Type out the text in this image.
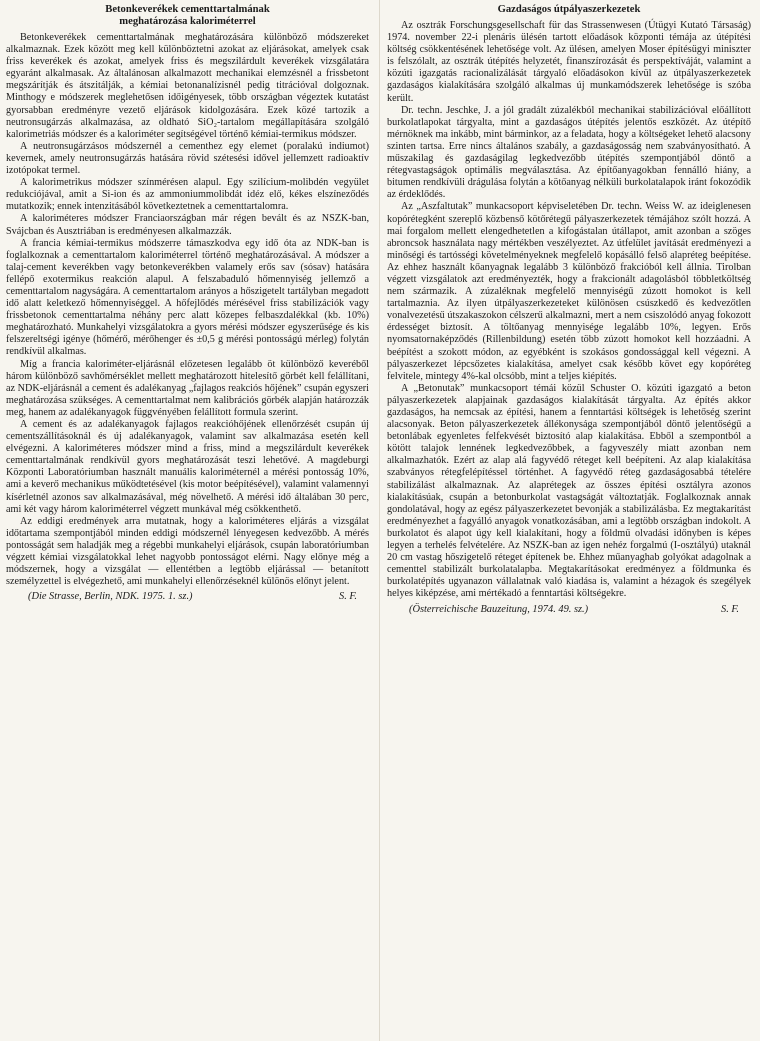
Betonkeverékek cementtartalmának
meghatározása kaloriméterrel

Betonkeverékek cementtartalmának meghatározására különböző módszereket alkalmaznak. Ezek között meg kell különböztetni azokat az eljárásokat, amelyek csak friss keverékek és azokat, amelyek friss és megszilárdult keverékek vizsgálatára egyaránt alkalmasak. Az általánosan alkalmazott mechanikai elemzésnél a frissbetont megszárítják és átszitálják, a kémiai betonanalízisnél pedig titrációval dolgoznak. Minthogy e módszerek meglehetősen időigényesek, több országban végeztek kutatást gyorsabban eredményre vezető eljárások kidolgozására. Ezek közé tartozik a neutronsugárzás alkalmazása, az oldható SiO₂-tartalom megállapítására szolgáló kalorimetriás módszer és a kaloriméter segítségével történő kémiai-termikus módszer.

A neutronsugárzásos módszernél a cementhez egy elemet (poralakú indiumot) kevernek, amely neutronsugárzás hatására rövid szétesési idővel jellemzett radioaktív izotópokat termel.

A kalorimetrikus módszer színmérésen alapul. Egy szilícium-molibdén vegyület redukciójával, amit a Si-ion és az ammoniummolibdát idéz elő, kékes elszíneződés mutatkozik; ennek intenzitásából következtetnek a cementtartalomra.

A kaloriméteres módszer Franciaországban már régen bevált és az NSZK-ban, Svájcban és Ausztriában is eredményesen alkalmazzák.

A francia kémiai-termikus módszerre támaszkodva egy idő óta az NDK-ban is foglalkoznak a cementtartalom kaloriméterrel történő meghatározásával. A módszer a talaj-cement keverékben vagy betonkeverékben valamely erős sav (sósav) hatására fellépő exotermikus reakción alapul. A felszabaduló hőmennyiség jellemző a cementtartalom nagyságára. A cementtartalom arányos a hőszigetelt tartályban megadott idő alatt keletkező hőmennyiséggel. A hőfejlődés mérésével friss stabilizációk vagy frissbetonok cementtartalma néhány perc alatt közepes felbaszdalékkal (kb. 10%) meghatározható. Munkahelyi vizsgálatokra a gyors mérési módszer egyszerűsége és kis felszereltségi igénye (hőmérő, mérőhenger és ±0,5 g mérési pontosságú mérleg) folytán rendkívül alkalmas.

Míg a francia kaloriméter-eljárásnál előzetesen legalább öt különböző keveréből három különböző savhőmérséklet mellett meghatározott hitelesítő görbét kell felállítani, az NDK-eljárásnál a cement és adalékanyag „fajlagos reakciós hőjének” csupán egyszeri meghatározása szükséges. A cementtartalmat nem kalibrációs görbék alapján határozzák meg, hanem az adalékanyagok függvényében felállított formula szerint.

A cement és az adalékanyagok fajlagos reakcióhőjének ellenőrzését csupán új cementszállításoknál és új adalékanyagok, valamint sav alkalmazása esetén kell elvégezni. A kaloriméteres módszer mind a friss, mind a megszilárdult keverékek cementtartalmának rendkívül gyors meghatározását teszi lehetővé. A magdeburgi Központi Laboratóriumban használt manuális kaloriméternél a mérési pontosság 10%, ami a keverő mechanikus működtetésével (kis motor beépítésével), valamint valamennyi kísérletnél azonos sav alkalmazásával, még növelhető. A mérési idő általában 30 perc, ami két vagy három kaloriméterrel végzett munkával még csökkenthető.

Az eddigi eredmények arra mutatnak, hogy a kaloriméteres eljárás a vizsgálat időtartama szempontjából minden eddigi módszernél lényegesen kedvezőbb. A mérés pontosságát sem haladják meg a régebbi munkahelyi eljárások, csupán laboratóriumban végzett kémiai vizsgálatokkal lehet nagyobb pontosságot elérni. Nagy előnye még a módszernek, hogy a vizsgálat — ellentétben a legtöbb eljárással — betanított személyzettel is elvégezhető, ami munkahelyi ellenőrzéseknél különös előnyt jelent.

(Die Strasse, Berlin, NDK. 1975. 1. sz.)	S. F.
Gazdaságos útpályaszerkezetek

Az osztrák Forschungsgesellschaft für das Strassenwesen (Útügyi Kutató Társaság) 1974. november 22-i plenáris ülésén tartott előadások központi témája az útépítési költség csökkentésének lehetősége volt. Az ülésen, amelyen Moser építésügyi miniszter is felszólalt, az osztrák útépítés helyzetét, finanszírozását és perspektíváját, valamint a közúti igazgatás racionalizálását tárgyaló előadásokon kívül az útpályaszerkezetek gazdaságos kialakítására szolgáló alkalmas új munkamódszerek lehetősége is szóba került.

Dr. techn. Jeschke, J. a jól gradált zúzalékból mechanikai stabilizációval előállított burkolatlapokat tárgyalta, mint a gazdaságos útépítés jelentős eszközét. Az útépítő mérnöknek ma inkább, mint bárminkor, az a feladata, hogy a költségeket lehető alacsony szinten tartsa. Erre nincs általános szabály, a gazdaságosság nem szabványosítható. A műszakilag és gazdaságilag legkedvezőbb útépítés szempontjából döntő a rétegvastagságok optimális megválasztása. Az építőanyagokban fennálló hiány, a bitumen rendkívüli drágulása folytán a kötőanyag nélküli burkolatalapok iránt fokozódik az érdeklődés.

Az „Aszfaltutak” munkacsoport képviseletében Dr. techn. Weiss W. az ideiglenesen kopórétegként szereplő közbenső kötőrétegű pályaszerkezetek témájához szólt hozzá. A mai forgalom mellett elengedhetetlen a kifogástalan útállapot, amit azonban a szöges abroncsok használata nagy mértékben veszélyeztet. Az útfelület javítását eredményezi a minőségi és tartósségi követelményeknek megfelelő kopásálló felső alapréteg beépítése. Az ehhez használt kőanyagnak legalább 3 különböző frakcióból kell állnia. Tirolban végzett vizsgálatok azt eredményezték, hogy a frakcionált adagolásból többletköltség nem származik. A zúzaléknak megfelelő mennyiségű zúzott homokot is kell tartalmaznia. Az ilyen útpályaszerkezeteket különösen csúszkedő és kedvezőtlen vonalvezetésű útszakaszokon célszerű alkalmazni, mert a nem csiszolódó anyag fokozott érdességet biztosít. A töltőanyag mennyisége legalább 10%, legyen. Erős nyomsatornaképződés (Rillenbildung) esetén több zúzott homokot kell hozzáadni. A beépítést a szokott módon, az egyébként is szokásos gondossággal kell végezni. A pályaszerkezet lépcsőzetes kialakítása, amelyet csak később követ egy kopóréteg felvitele, mintegy 4%-kal olcsóbb, mint a teljes kiépítés.

A „Betonutak” munkacsoport témái közül Schuster O. közúti igazgató a beton pályaszerkezetek alapjainak gazdaságos kialakítását tárgyalta. Az építés akkor gazdaságos, ha nemcsak az építési, hanem a fenntartási költségek is lehetőség szerint alacsonyak. Beton pályaszerkezetek állékonysága szempontjából döntő jelentőségű a betonlábak egyenletes felfekvését biztosító alap kialakítása. Ebből a szempontból a kötött talajok lennének legkedvezőbbek, a fagyveszély miatt azonban nem alkalmazhatók. Ezért az alap alá fagyvédő réteget kell beépíteni. Az alap kialakítása szabványos rétegfelépítéssel történhet. A fagyvédő réteg gazdaságosabbá tételére stabilizálást alkalmaznak. Az alaprétegek az összes építési osztályra azonos kialakításúak, csupán a betonburkolat vastagságát változtatják. Foglalkoznak annak gondolatával, hogy az egész pályaszerkezetet bevonják a stabilizálásba. Ez megtakarítást eredményezhet a fagyálló anyagok vonatkozásában, ami a legtöbb országban indokolt. A burkolatot és alapot úgy kell kialakítani, hogy a földmű olvadási időnyben is képes legyen a terhelés felvételére. Az NSZK-ban az igen nehéz forgalmú (I-osztályú) utaknál 20 cm vastag hőszigetelő réteget építenek be. Ehhez műanyaghab golyókat adagolnak a cementtel stabilizált burkolatalapba. Megtakarításokat eredményez a földmunka és burkolatépítés ugyanazon vállalatnak való kiadása is, valamint a hézagok és szegélyek helyes kiképzése, ami mértékadó a fenntartási költségekre.

(Österreichische Bauzeitung, 1974. 49. sz.)	S. F.
